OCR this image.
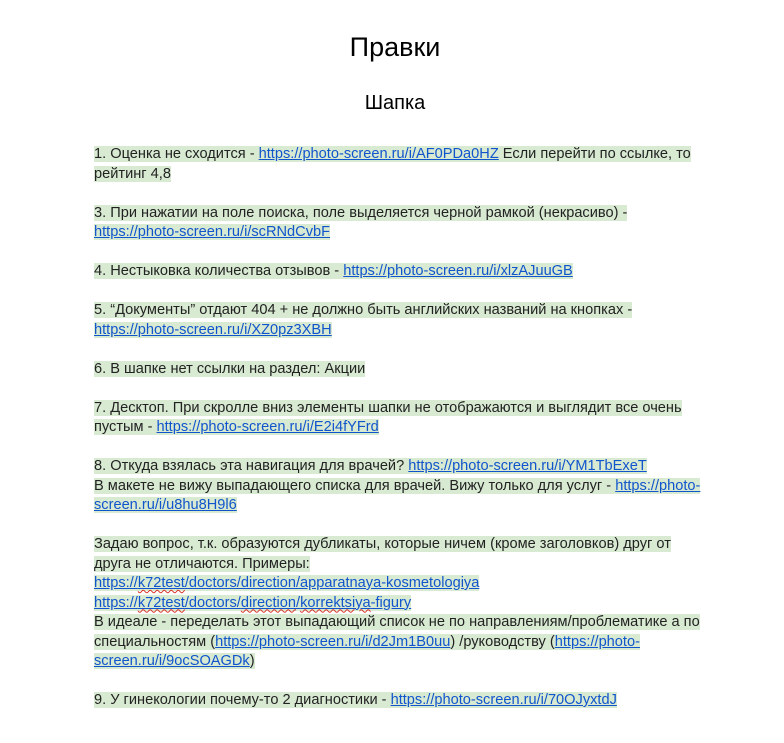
Правки
Шапка

1. Оценка не сходится - https://photo-screen.ru/i/AF0PDa0HZ Если перейти по ссылке, то рейтинг 4,8

3. При нажатии на поле поиска, поле выделяется черной рамкой (некрасиво) - https://photo-screen.ru/i/scRNdCvbF

4. Нестыковка количества отзывов - https://photo-screen.ru/i/xlzAJuuGB

5. “Документы” отдают 404 + не должно быть английских названий на кнопках - https://photo-screen.ru/i/XZ0pz3XBH

6. В шапке нет ссылки на раздел: Акции

7. Десктоп. При скролле вниз элементы шапки не отображаются и выглядит все очень пустым - https://photo-screen.ru/i/E2i4fYFrd

8. Откуда взялась эта навигация для врачей? https://photo-screen.ru/i/YM1TbExeT

В макете не вижу выпадающего списка для врачей. Вижу только для услуг - https://photo-screen.ru/i/u8hu8H9l6

Задаю вопрос, т.к. образуются дубликаты, которые ничем (кроме заголовков) друг от друга не отличаются. Примеры:

https://k72test/doctors/direction/apparatnaya-kosmetologiya

https://k72test/doctors/direction/korrektsiya-figury

В идеале - переделать этот выпадающий список не по направлениям/проблематике а по специальностям (https://photo-screen.ru/i/d2Jm1B0uu) /руководству (https://photo-screen.ru/i/9ocSOAGDk)

9. У гинекологии почему-то 2 диагностики - https://photo-screen.ru/i/70OJyxtdJ
